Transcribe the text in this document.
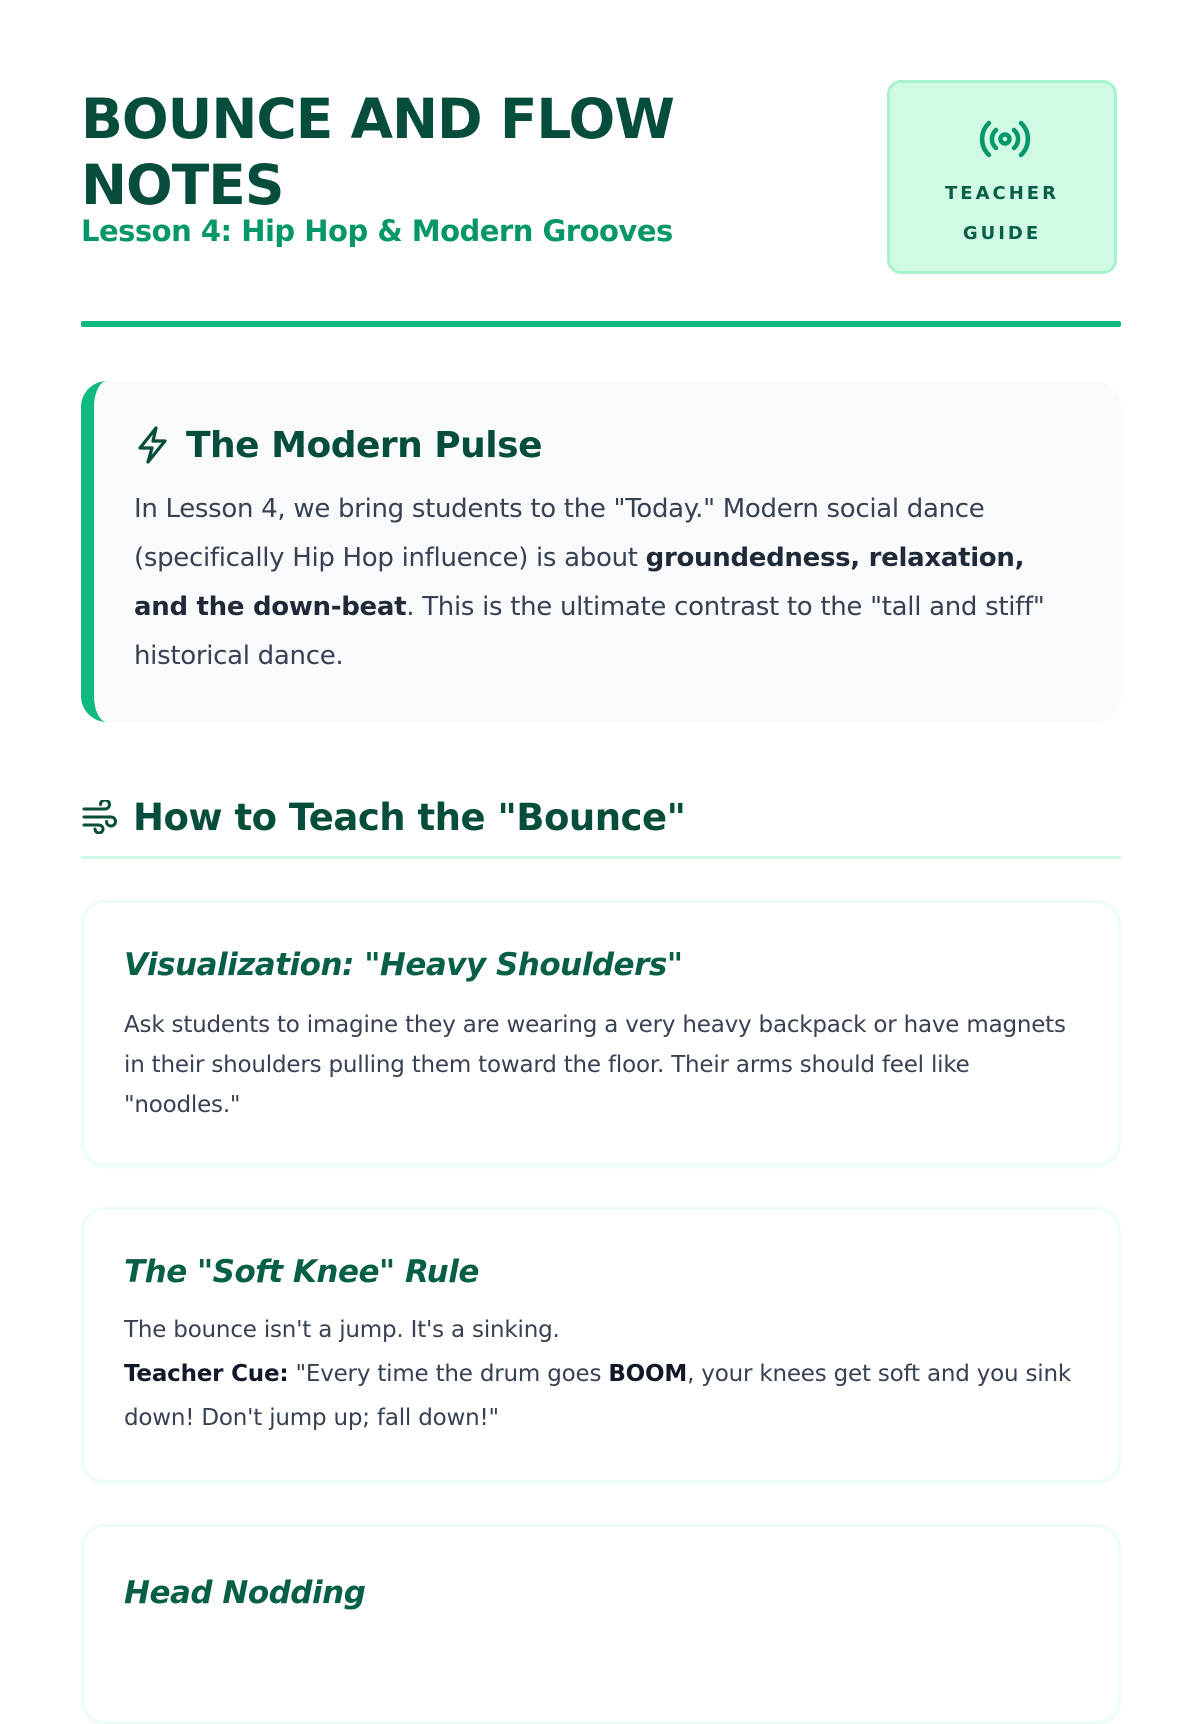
BOUNCE AND FLOW NOTES

Lesson 4: Hip Hop & Modern Grooves

TEACHER
GUIDE
The Modern Pulse

In Lesson 4, we bring students to the "Today." Modern social dance (specifically Hip Hop influence) is about groundedness, relaxation, and the down-beat. This is the ultimate contrast to the "tall and stiff" historical dance.

How to Teach the "Bounce"
Visualization: "Heavy Shoulders"

Ask students to imagine they are wearing a very heavy backpack or have magnets in their shoulders pulling them toward the floor. Their arms should feel like "noodles."

The "Soft Knee" Rule

The bounce isn't a jump. It's a sinking.
Teacher Cue: "Every time the drum goes BOOM, your knees get soft and you sink down! Don't jump up; fall down!"

Head Nodding
